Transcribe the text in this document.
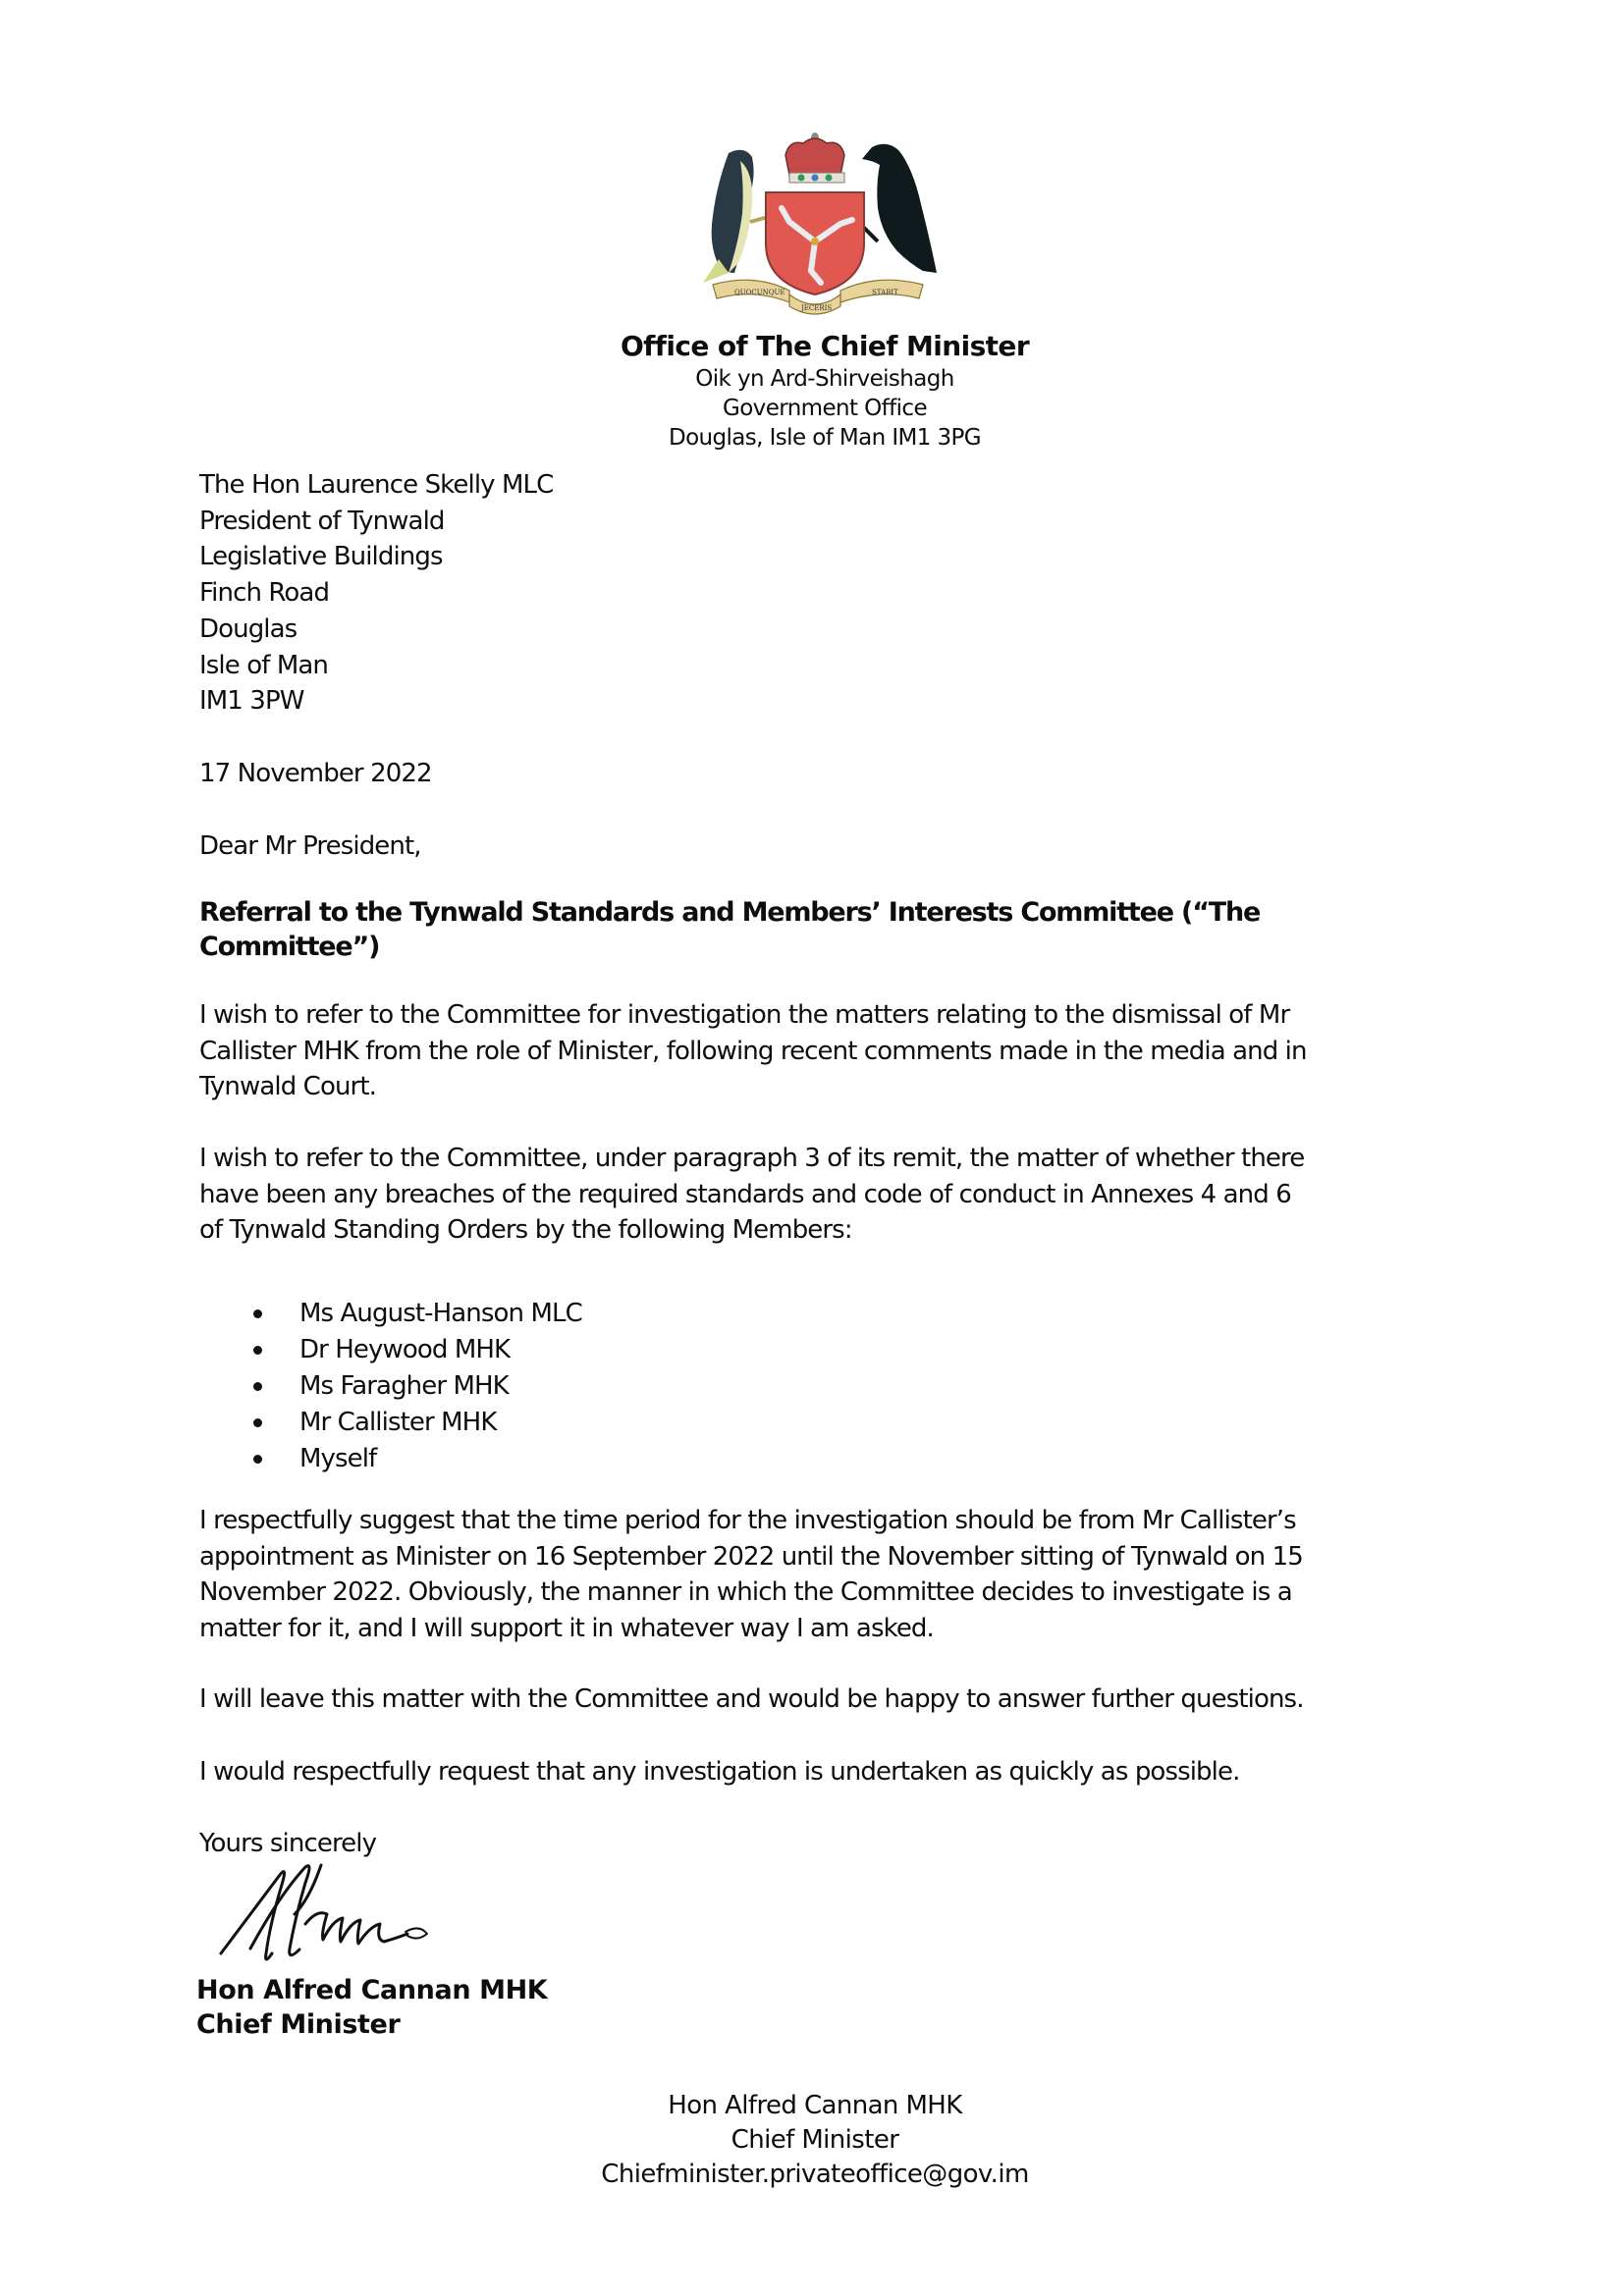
QUOCUNQUE
JECERIS
STABIT
Office of The Chief Minister
Oik yn Ard-Shirveishagh
Government Office
Douglas, Isle of Man IM1 3PG
The Hon Laurence Skelly MLC
President of Tynwald
Legislative Buildings
Finch Road
Douglas
Isle of Man
IM1 3PW
17 November 2022
Dear Mr President,
Referral to the Tynwald Standards and Members’ Interests Committee (“The
Committee”)
I wish to refer to the Committee for investigation the matters relating to the dismissal of Mr
Callister MHK from the role of Minister, following recent comments made in the media and in
Tynwald Court.
I wish to refer to the Committee, under paragraph 3 of its remit, the matter of whether there
have been any breaches of the required standards and code of conduct in Annexes 4 and 6
of Tynwald Standing Orders by the following Members:
Ms August-Hanson MLC
Dr Heywood MHK
Ms Faragher MHK
Mr Callister MHK
Myself
I respectfully suggest that the time period for the investigation should be from Mr Callister’s
appointment as Minister on 16 September 2022 until the November sitting of Tynwald on 15
November 2022. Obviously, the manner in which the Committee decides to investigate is a
matter for it, and I will support it in whatever way I am asked.
I will leave this matter with the Committee and would be happy to answer further questions.
I would respectfully request that any investigation is undertaken as quickly as possible.
Yours sincerely
Hon Alfred Cannan MHK
Chief Minister
Hon Alfred Cannan MHK
Chief Minister
Chiefminister.privateoffice@gov.im
